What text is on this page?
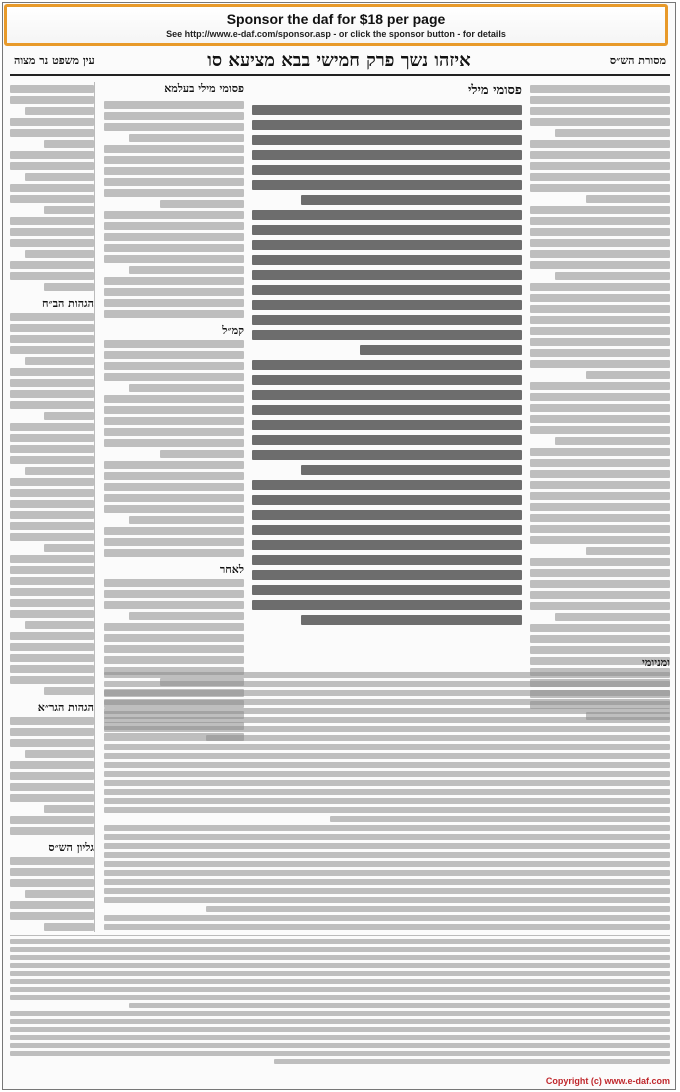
Sponsor the daf for $18 per page
See http://www.e-daf.com/sponsor.asp - or click the sponsor button - for details
עין משפט נר מצוה	איזהו נשך פרק חמישי בבא מציעא סו	מסורת הש״ס
הגהות הב״ח
הגהות הגר״א
גליון הש״ס
קמ״ל
לאחר
פסומי מילי בעלמא	פסומי מילי
ומניומי
Copyright (c) www.e-daf.com
